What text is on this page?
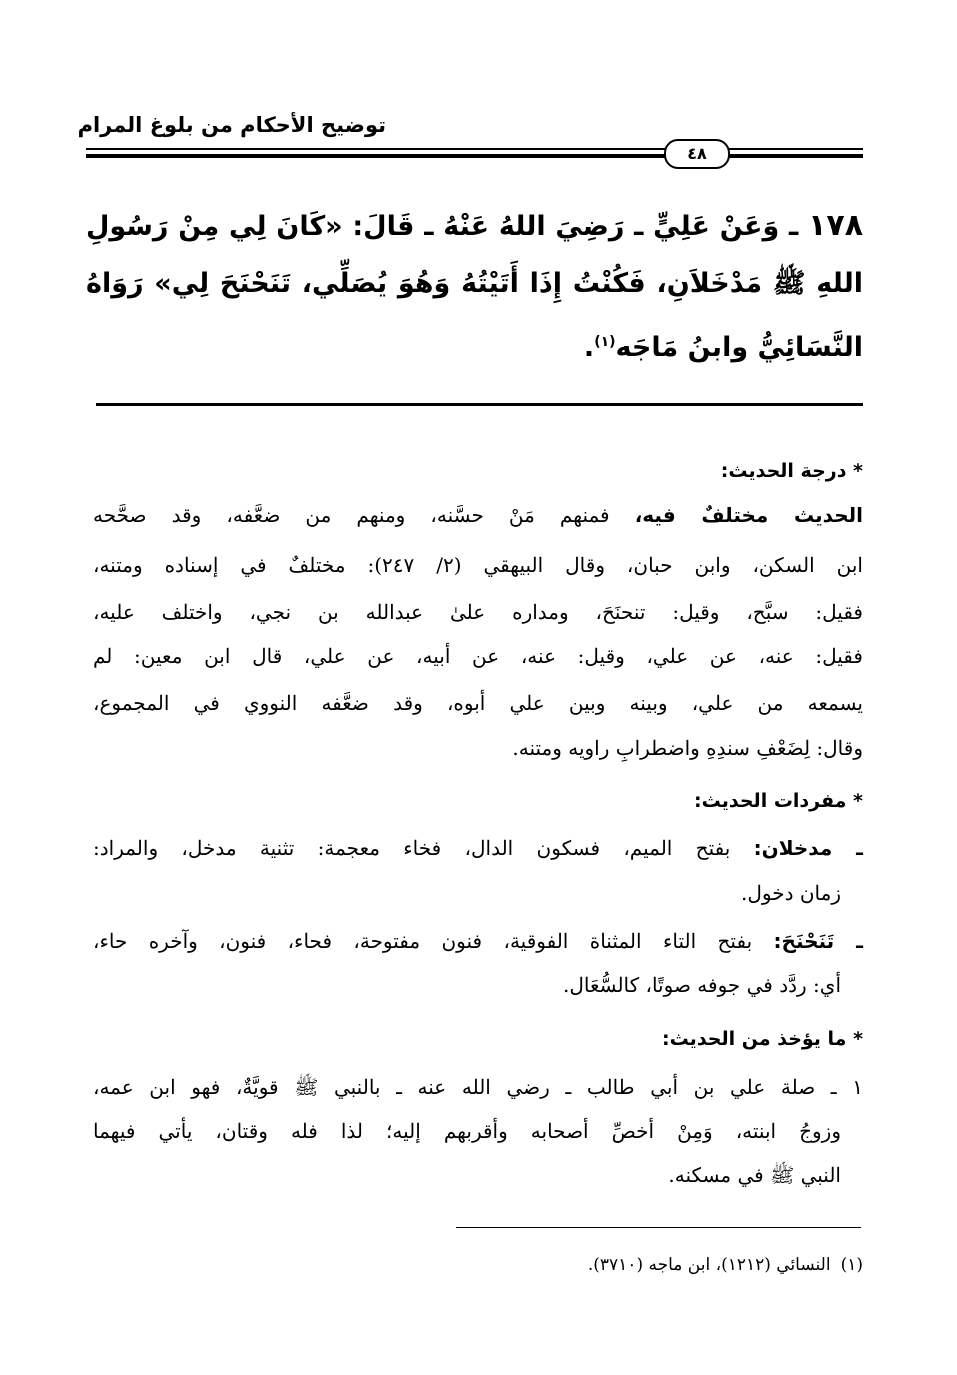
توضيح الأحكام من بلوغ المرام
٤٨
١٧٨ ـ وَعَنْ عَلِيٍّ ـ رَضِيَ اللهُ عَنْهُ ـ قَالَ: «كَانَ لِي مِنْ رَسُولِ
اللهِ ﷺ مَدْخَلاَنِ، فَكُنْتُ إِذَا أَتَيْتُهُ وَهُوَ يُصَلِّي، تَنَحْنَحَ لِي» رَوَاهُ
النَّسَائِيُّ وابنُ مَاجَه$^{(١)}$.
* درجة الحديث:
الحديث مختلفٌ فيه، فمنهم مَنْ حسَّنه، ومنهم من ضعَّفه، وقد صحَّحه
ابن السكن، وابن حبان، وقال البيهقي (٢/ ٢٤٧): مختلفٌ في إسناده ومتنه،
فقيل: سبَّح، وقيل: تنحنَحَ، ومداره علىٰ عبدالله بن نجي، واختلف عليه،
فقيل: عنه، عن علي، وقيل: عنه، عن أبيه، عن علي، قال ابن معين: لم
يسمعه من علي، وبينه وبين علي أبوه، وقد ضعَّفه النووي في المجموع،
وقال: لِضَعْفِ سندِهِ واضطرابِ راويه ومتنه.
* مفردات الحديث:
ـ مدخلان: بفتح الميم، فسكون الدال، فخاء معجمة: تثنية مدخل، والمراد:
زمان دخول.
ـ تَنَحْنَحَ: بفتح التاء المثناة الفوقية، فنون مفتوحة، فحاء، فنون، وآخره حاء،
أي: ردَّد في جوفه صوتًا، كالسُّعَال.
* ما يؤخذ من الحديث:
١ ـ صلة علي بن أبي طالب ـ رضي الله عنه ـ بالنبي ﷺ قويَّةٌ، فهو ابن عمه،
وزوجُ ابنته، وَمِنْ أخصِّ أصحابه وأقربهم إليه؛ لذا فله وقتان، يأتي فيهما
النبي ﷺ في مسكنه.
(١)النسائي (١٢١٢)، ابن ماجه (٣٧١٠).
